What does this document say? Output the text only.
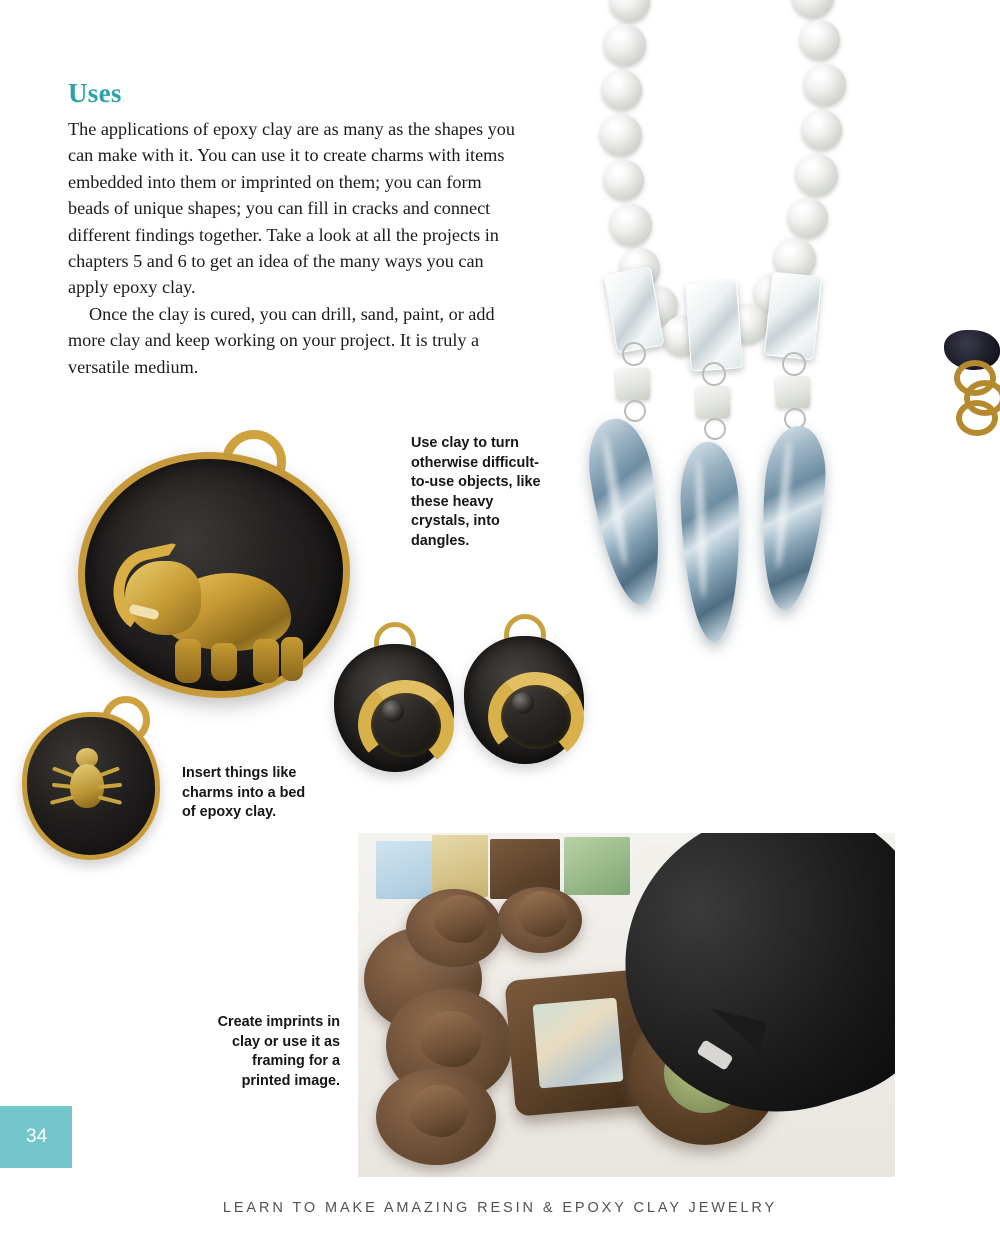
Uses

The applications of epoxy clay are as many as the shapes you can make with it. You can use it to create charms with items embedded into them or imprinted on them; you can form beads of unique shapes; you can fill in cracks and connect different findings together. Take a look at all the projects in chapters 5 and 6 to get an idea of the many ways you can apply epoxy clay.

Once the clay is cured, you can drill, sand, paint, or add more clay and keep working on your project. It is truly a versatile medium.

Use clay to turn otherwise difficult-to-use objects, like these heavy crystals, into dangles.
Insert things like charms into a bed of epoxy clay.
Create imprints in clay or use it as framing for a printed image.
34
LEARN TO MAKE AMAZING RESIN & EPOXY CLAY JEWELRY
